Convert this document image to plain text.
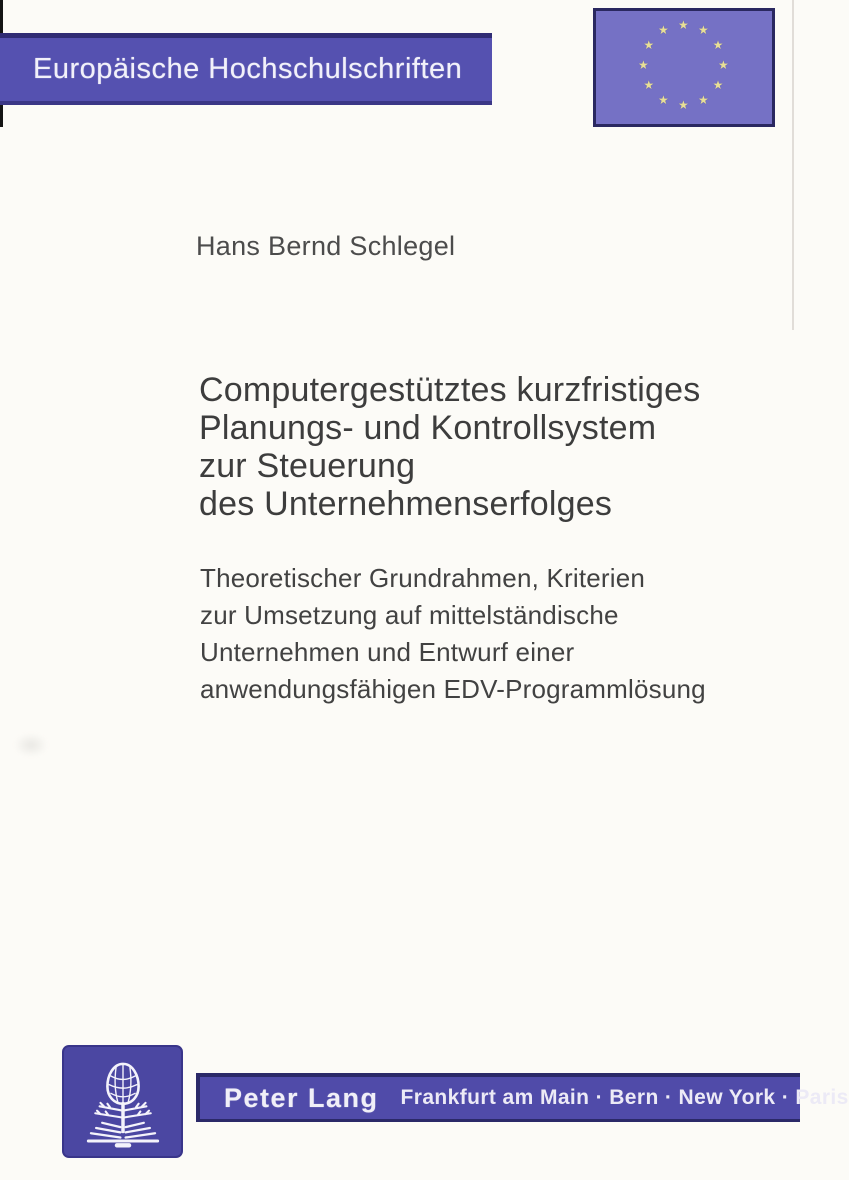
Europäische Hochschulschriften
★ ★
★
★
★
★
★
★
★
★
★
★
Hans Bernd Schlegel
Computergestütztes kurzfristiges
Planungs- und Kontrollsystem
zur Steuerung
des Unternehmenserfolges
Theoretischer Grundrahmen, Kriterien
zur Umsetzung auf mittelständische
Unternehmen und Entwurf einer
anwendungsfähigen EDV-Programmlösung
Peter Lang Frankfurt am Main · Bern · New York · Paris
